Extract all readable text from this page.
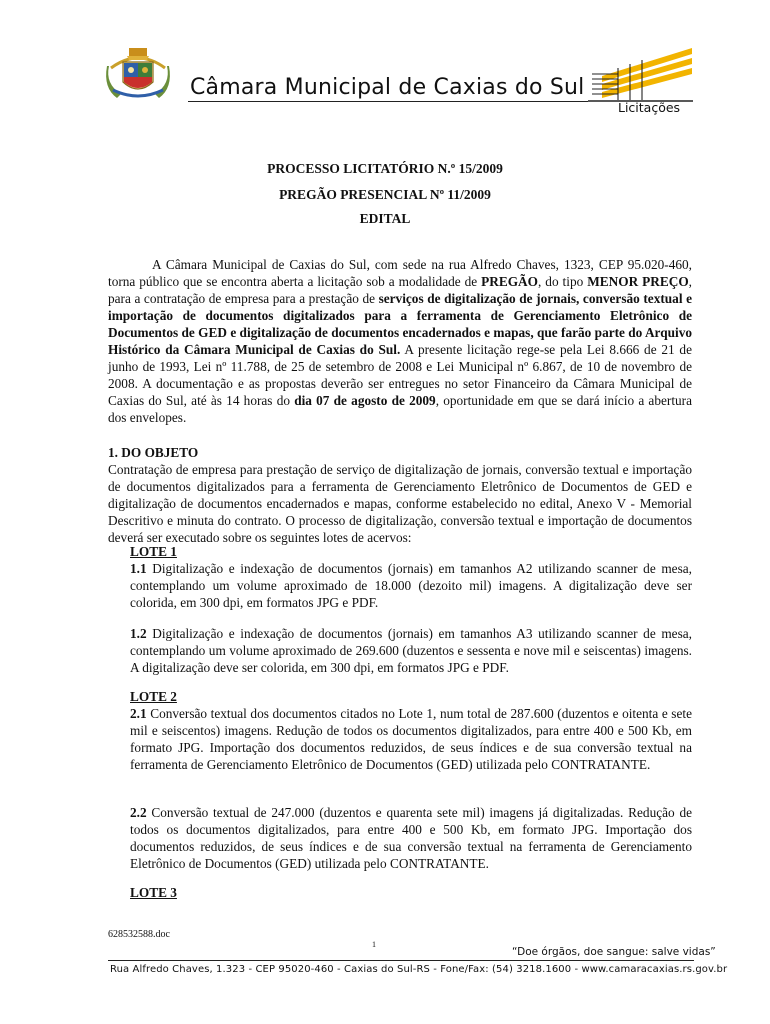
Câmara Municipal de Caxias do Sul
Licitações
PROCESSO LICITATÓRIO N.º 15/2009
PREGÃO PRESENCIAL Nº 11/2009
EDITAL
A Câmara Municipal de Caxias do Sul, com sede na rua Alfredo Chaves, 1323, CEP 95.020-460, torna público que se encontra aberta a licitação sob a modalidade de PREGÃO, do tipo MENOR PREÇO, para a contratação de empresa para a prestação de serviços de digitalização de jornais, conversão textual e importação de documentos digitalizados para a ferramenta de Gerenciamento Eletrônico de Documentos de GED e digitalização de documentos encadernados e mapas, que farão parte do Arquivo Histórico da Câmara Municipal de Caxias do Sul. A presente licitação rege-se pela Lei 8.666 de 21 de junho de 1993, Lei nº 11.788, de 25 de setembro de 2008 e Lei Municipal nº 6.867, de 10 de novembro de 2008. A documentação e as propostas deverão ser entregues no setor Financeiro da Câmara Municipal de Caxias do Sul, até às 14 horas do dia 07 de agosto de 2009, oportunidade em que se dará início a abertura dos envelopes.
1. DO OBJETO
Contratação de empresa para prestação de serviço de digitalização de jornais, conversão textual e importação de documentos digitalizados para a ferramenta de Gerenciamento Eletrônico de Documentos de GED e digitalização de documentos encadernados e mapas, conforme estabelecido no edital, Anexo V - Memorial Descritivo e minuta do contrato. O processo de digitalização, conversão textual e importação de documentos deverá ser executado sobre os seguintes lotes de acervos:
LOTE 1
1.1 Digitalização e indexação de documentos (jornais) em tamanhos A2 utilizando scanner de mesa, contemplando um volume aproximado de 18.000 (dezoito mil) imagens. A digitalização deve ser colorida, em 300 dpi, em formatos JPG e PDF.
1.2 Digitalização e indexação de documentos (jornais) em tamanhos A3 utilizando scanner de mesa, contemplando um volume aproximado de 269.600 (duzentos e sessenta e nove mil e seiscentas) imagens. A digitalização deve ser colorida, em 300 dpi, em formatos JPG e PDF.
LOTE 2
2.1 Conversão textual dos documentos citados no Lote 1, num total de 287.600 (duzentos e oitenta e sete mil e seiscentos) imagens. Redução de todos os documentos digitalizados, para entre 400 e 500 Kb, em formato JPG. Importação dos documentos reduzidos, de seus índices e de sua conversão textual na ferramenta de Gerenciamento Eletrônico de Documentos (GED) utilizada pelo CONTRATANTE.
2.2 Conversão textual de 247.000 (duzentos e quarenta sete mil) imagens já digitalizadas. Redução de todos os documentos digitalizados, para entre 400 e 500 Kb, em formato JPG. Importação dos documentos reduzidos, de seus índices e de sua conversão textual na ferramenta de Gerenciamento Eletrônico de Documentos (GED) utilizada pelo CONTRATANTE.
LOTE 3
628532588.doc
1
“Doe órgãos, doe sangue: salve vidas”
Rua Alfredo Chaves, 1.323 - CEP 95020-460 - Caxias do Sul-RS - Fone/Fax: (54) 3218.1600 - www.camaracaxias.rs.gov.br
